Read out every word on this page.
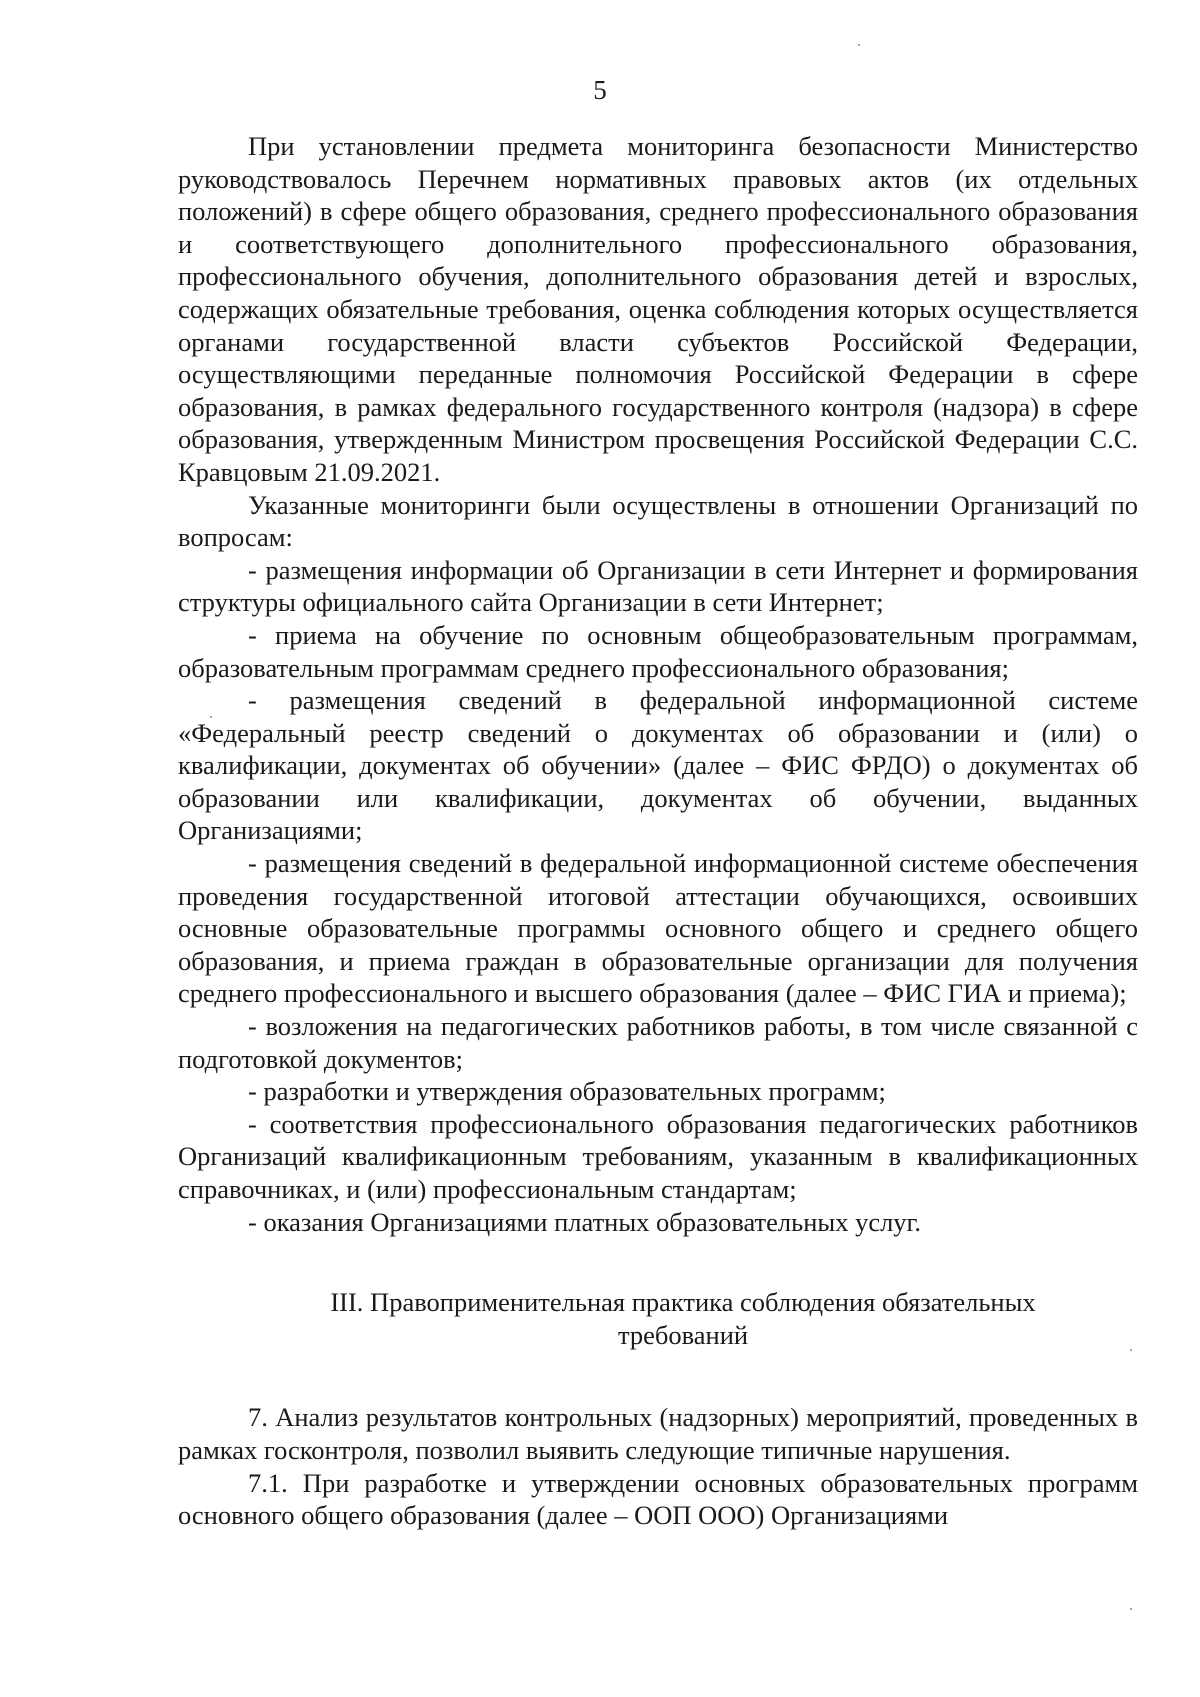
5

При установлении предмета мониторинга безопасности Министерство руководствовалось Перечнем нормативных правовых актов (их отдельных положений) в сфере общего образования, среднего профессионального образования и соответствующего дополнительного профессионального образования, профессионального обучения, дополнительного образования детей и взрослых, содержащих обязательные требования, оценка соблюдения которых осуществляется органами государственной власти субъектов Российской Федерации, осуществляющими переданные полномочия Российской Федерации в сфере образования, в рамках федерального государственного контроля (надзора) в сфере образования, утвержденным Министром просвещения Российской Федерации С.С. Кравцовым 21.09.2021.

Указанные мониторинги были осуществлены в отношении Организаций по вопросам:

- размещения информации об Организации в сети Интернет и формирования структуры официального сайта Организации в сети Интернет;

- приема на обучение по основным общеобразовательным программам, образовательным программам среднего профессионального образования;

- размещения сведений в федеральной информационной системе «Федеральный реестр сведений о документах об образовании и (или) о квалификации, документах об обучении» (далее – ФИС ФРДО) о документах об образовании или квалификации, документах об обучении, выданных Организациями;

- размещения сведений в федеральной информационной системе обеспечения проведения государственной итоговой аттестации обучающихся, освоивших основные образовательные программы основного общего и среднего общего образования, и приема граждан в образовательные организации для получения среднего профессионального и высшего образования (далее – ФИС ГИА и приема);

- возложения на педагогических работников работы, в том числе связанной с подготовкой документов;

- разработки и утверждения образовательных программ;

- соответствия профессионального образования педагогических работников Организаций квалификационным требованиям, указанным в квалификационных справочниках, и (или) профессиональным стандартам;

- оказания Организациями платных образовательных услуг.

III. Правоприменительная практика соблюдения обязательных
требований

7. Анализ результатов контрольных (надзорных) мероприятий, проведенных в рамках госконтроля, позволил выявить следующие типичные нарушения.

7.1. При разработке и утверждении основных образовательных программ основного общего образования (далее – ООП ООО) Организациями
